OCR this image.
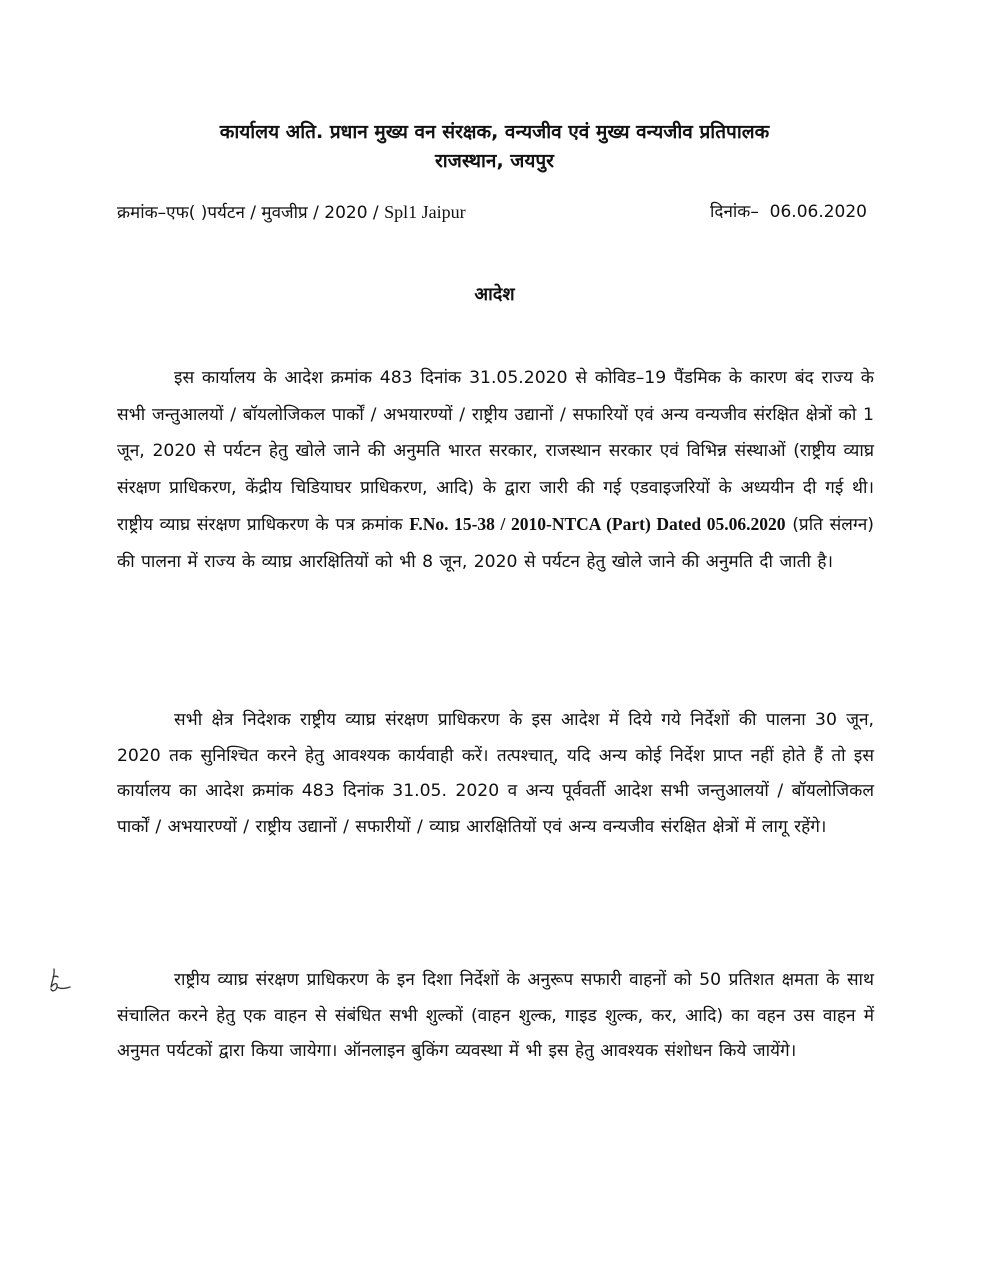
कार्यालय अति. प्रधान मुख्य वन संरक्षक, वन्यजीव एवं मुख्य वन्यजीव प्रतिपालक
राजस्थान, जयपुर
क्रमांक–एफ( )पर्यटन / मुवजीप्र / 2020 / Spl1 Jaipur	दिनांक– 06.06.2020
आदेश

इस कार्यालय के आदेश क्रमांक 483 दिनांक 31.05.2020 से कोविड–19 पैंडमिक के कारण बंद राज्य के सभी जन्तुआलयों / बॉयलोजिकल पार्कों / अभयारण्यों / राष्ट्रीय उद्यानों / सफारियों एवं अन्य वन्यजीव संरक्षित क्षेत्रों को 1 जून, 2020 से पर्यटन हेतु खोले जाने की अनुमति भारत सरकार, राजस्थान सरकार एवं विभिन्न संस्थाओं (राष्ट्रीय व्याघ्र संरक्षण प्राधिकरण, केंद्रीय चिडियाघर प्राधिकरण, आदि) के द्वारा जारी की गई एडवाइजरियों के अध्ययीन दी गई थी। राष्ट्रीय व्याघ्र संरक्षण प्राधिकरण के पत्र क्रमांक F.No. 15-38 / 2010-NTCA (Part) Dated 05.06.2020 (प्रति संलग्न) की पालना में राज्य के व्याघ्र आरक्षितियों को भी 8 जून, 2020 से पर्यटन हेतु खोले जाने की अनुमति दी जाती है।

सभी क्षेत्र निदेशक राष्ट्रीय व्याघ्र संरक्षण प्राधिकरण के इस आदेश में दिये गये निर्देशों की पालना 30 जून, 2020 तक सुनिश्चित करने हेतु आवश्यक कार्यवाही करें। तत्पश्चात्, यदि अन्य कोई निर्देश प्राप्त नहीं होते हैं तो इस कार्यालय का आदेश क्रमांक 483 दिनांक 31.05. 2020 व अन्य पूर्ववर्ती आदेश सभी जन्तुआलयों / बॉयलोजिकल पार्कों / अभयारण्यों / राष्ट्रीय उद्यानों / सफारीयों / व्याघ्र आरक्षितियों एवं अन्य वन्यजीव संरक्षित क्षेत्रों में लागू रहेंगे।

राष्ट्रीय व्याघ्र संरक्षण प्राधिकरण के इन दिशा निर्देशों के अनुरूप सफारी वाहनों को 50 प्रतिशत क्षमता के साथ संचालित करने हेतु एक वाहन से संबंधित सभी शुल्कों (वाहन शुल्क, गाइड शुल्क, कर, आदि) का वहन उस वाहन में अनुमत पर्यटकों द्वारा किया जायेगा। ऑनलाइन बुकिंग व्यवस्था में भी इस हेतु आवश्यक संशोधन किये जायेंगे।
